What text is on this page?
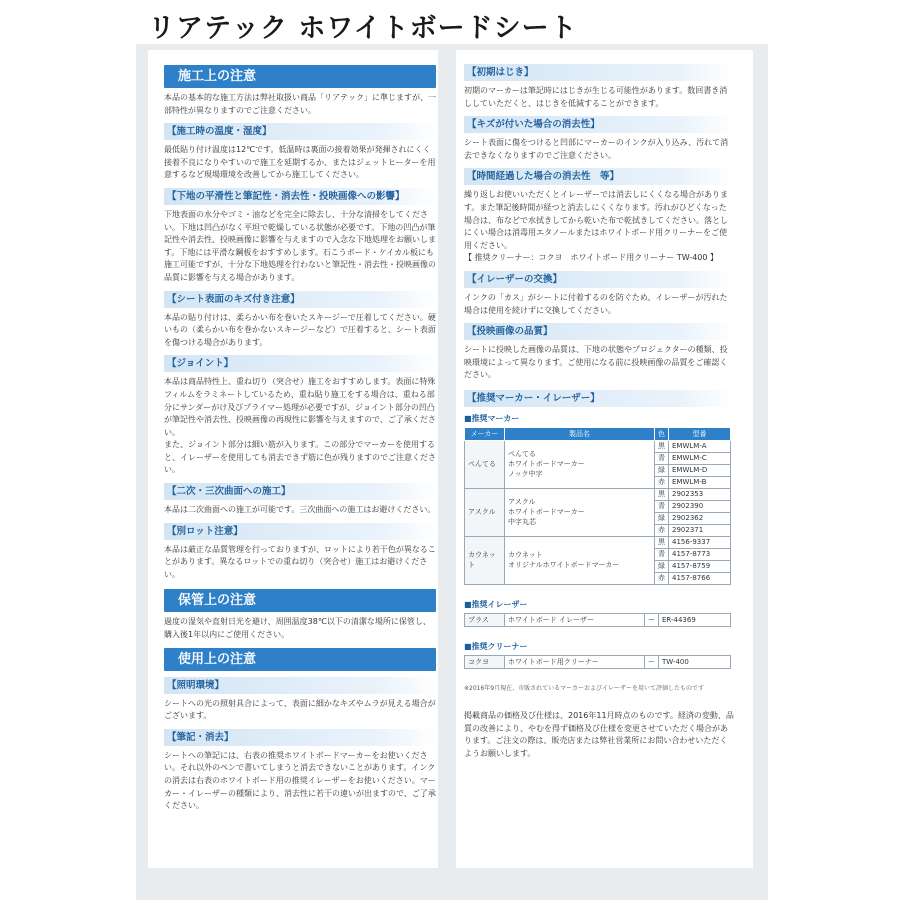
リアテック ホワイトボードシート
施工上の注意
本品の基本的な施工方法は弊社取扱い商品「リアテック」に準じますが、一部特性が異なりますのでご注意ください。
【施工時の温度・湿度】
最低貼り付け温度は12℃です。低温時は裏面の接着効果が発揮されにくく接着不良になりやすいので施工を延期するか、またはジェットヒーターを用意するなど現場環境を改善してから施工してください。
【下地の平滑性と筆記性・消去性・投映画像への影響】
下地表面の水分やゴミ・油などを完全に除去し、十分な清掃をしてください。下地は凹凸がなく平坦で乾燥している状態が必要です。下地の凹凸が筆記性や消去性、投映画像に影響を与えますので入念な下地処理をお願いします。下地には平滑な鋼板をおすすめします。石こうボード・ケイカル板にも施工可能ですが、十分な下地処理を行わないと筆記性・消去性・投映画像の品質に影響を与える場合があります。
【シート表面のキズ付き注意】
本品の貼り付けは、柔らかい布を巻いたスキージーで圧着してください。硬いもの（柔らかい布を巻かないスキージーなど）で圧着すると、シート表面を傷つける場合があります。
【ジョイント】
本品は商品特性上、重ね切り（突合せ）施工をおすすめします。表面に特殊フィルムをラミネートしているため、重ね貼り施工をする場合は、重ねる部分にサンダーがけ及びプライマー処理が必要ですが、ジョイント部分の凹凸が筆記性や消去性、投映画像の再現性に影響を与えますので、ご了承ください。
また、ジョイント部分は細い筋が入ります。この部分でマーカーを使用すると、イレーザーを使用しても消去できず筋に色が残りますのでご注意ください。
【二次・三次曲面への施工】
本品は二次曲面への施工が可能です。三次曲面への施工はお避けください。
【別ロット注意】
本品は厳正な品質管理を行っておりますが、ロットにより若干色が異なることがあります。異なるロットでの重ね切り（突合せ）施工はお避けください。
保管上の注意
過度の湿気や直射日光を避け、周囲温度38℃以下の清潔な場所に保管し、購入後1年以内にご使用ください。
使用上の注意
【照明環境】
シートへの光の照射具合によって、表面に細かなキズやムラが見える場合がございます。
【筆記・消去】
シートへの筆記には、右表の推奨ホワイトボードマーカーをお使いください。それ以外のペンで書いてしまうと消去できないことがあります。インクの消去は右表のホワイトボード用の推奨イレーザーをお使いください。マーカー・イレーザーの種類により、消去性に若干の違いが出ますので、ご了承ください。
【初期はじき】
初期のマーカーは筆記時にはじきが生じる可能性があります。数回書き消ししていただくと、はじきを低減することができます。
【キズが付いた場合の消去性】
シート表面に傷をつけると凹部にマーカーのインクが入り込み、汚れて消去できなくなりますのでご注意ください。
【時間経過した場合の消去性　等】
繰り返しお使いいただくとイレーザーでは消去しにくくなる場合がありま す。また筆記後時間が経つと消去しにくくなります。汚れがひどくなった場合は、布などで水拭きしてから乾いた布で乾拭きしてください。落としにくい場合は消毒用エタノールまたはホワイトボード用クリーナーをご使用ください。
【 推奨クリーナー：コクヨ　ホワイトボード用クリーナー TW-400 】
【イレーザーの交換】
インクの「カス」がシートに付着するのを防ぐため、イレーザーが汚れた場合は使用を続けずに交換してください。
【投映画像の品質】
シートに投映した画像の品質は、下地の状態やプロジェクターの種類、投映環境によって異なります。ご使用になる前に投映画像の品質をご確認ください。
【推奨マーカー・イレーザー】
■推奨マーカー
メーカー	製品名	色	型番
ぺんてる	ぺんてる
ホワイトボードマーカー
ノック中字	黒	EMWLM-A
		青	EMWLM-C
		緑	EMWLM-D
		赤	EMWLM-B
アスクル	アスクル
ホワイトボードマーカー
中字丸芯	黒	2902353
		青	2902390
		緑	2902362
		赤	2902371
カウネット	カウネット
オリジナルホワイトボードマーカー	黒	4156-9337
		青	4157-8773
		緑	4157-8759
		赤	4157-8766
■推奨イレーザー
プラス	ホワイトボード イレーザー	ー	ER-44369
■推奨クリーナー
コクヨ	ホワイトボード用クリーナー	ー	TW-400
※2016年9月現在、市販されているマーカーおよびイレーザーを用いて評価したものです
掲載商品の価格及び仕様は、2016年11月時点のものです。経済の変動、品質の改善により、やむを得ず価格及び仕様を変更させていただく場合があります。ご注文の際は、販売店または弊社営業所にお問い合わせいただくようお願いします。
